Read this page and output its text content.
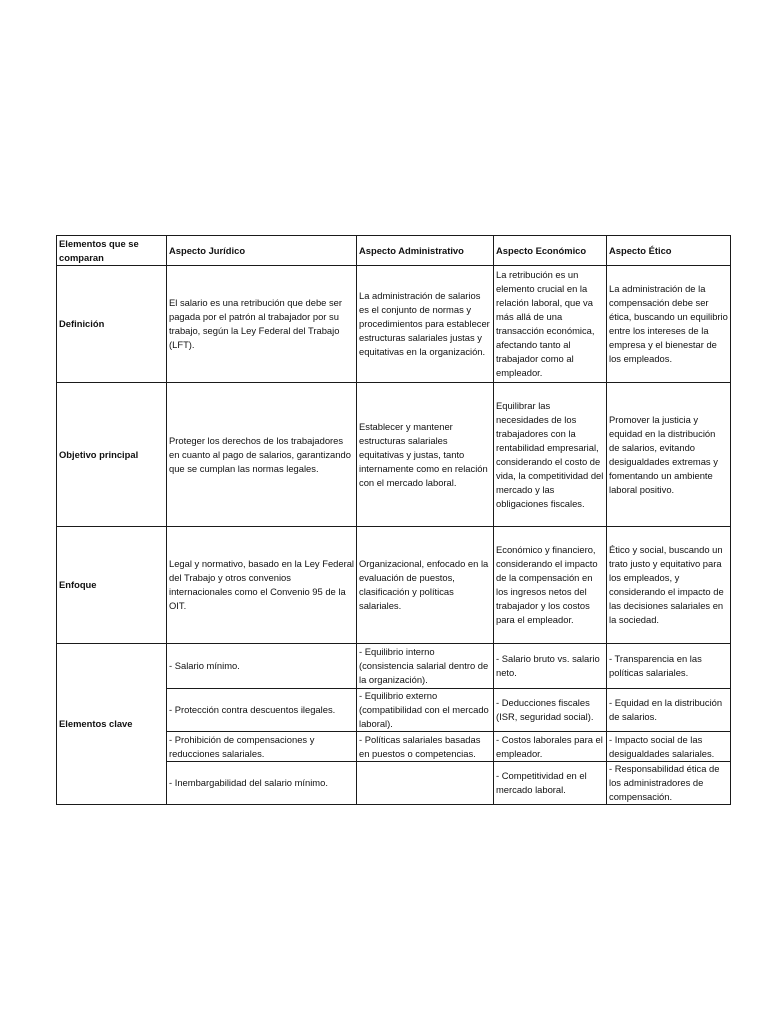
Elementos que se comparan	Aspecto Jurídico	Aspecto Administrativo	Aspecto Económico	Aspecto Ético
Definición	El salario es una retribución que debe ser pagada por el patrón al trabajador por su trabajo, según la Ley Federal del Trabajo (LFT).	La administración de salarios es el conjunto de normas y procedimientos para establecer estructuras salariales justas y equitativas en la organización.	La retribución es un elemento crucial en la relación laboral, que va más allá de una transacción económica, afectando tanto al trabajador como al empleador.	La administración de la compensación debe ser ética, buscando un equilibrio entre los intereses de la empresa y el bienestar de los empleados.
Objetivo principal	Proteger los derechos de los trabajadores en cuanto al pago de salarios, garantizando que se cumplan las normas legales.	Establecer y mantener estructuras salariales equitativas y justas, tanto internamente como en relación con el mercado laboral.	Equilibrar las necesidades de los trabajadores con la rentabilidad empresarial, considerando el costo de vida, la competitividad del mercado y las obligaciones fiscales.	Promover la justicia y equidad en la distribución de salarios, evitando desigualdades extremas y fomentando un ambiente laboral positivo.
Enfoque	Legal y normativo, basado en la Ley Federal del Trabajo y otros convenios internacionales como el Convenio 95 de la OIT.	Organizacional, enfocado en la evaluación de puestos, clasificación y políticas salariales.	Económico y financiero, considerando el impacto de la compensación en los ingresos netos del trabajador y los costos para el empleador.	Ético y social, buscando un trato justo y equitativo para los empleados, y considerando el impacto de las decisiones salariales en la sociedad.
Elementos clave	- Salario mínimo.	- Equilibrio interno (consistencia salarial dentro de la organización).	- Salario bruto vs. salario neto.	- Transparencia en las políticas salariales.
	- Protección contra descuentos ilegales.	- Equilibrio externo (compatibilidad con el mercado laboral).	- Deducciones fiscales (ISR, seguridad social).	- Equidad en la distribución de salarios.
	- Prohibición de compensaciones y reducciones salariales.	- Políticas salariales basadas en puestos o competencias.	- Costos laborales para el empleador.	- Impacto social de las desigualdades salariales.
	- Inembargabilidad del salario mínimo.		- Competitividad en el mercado laboral.	- Responsabilidad ética de los administradores de compensación.
